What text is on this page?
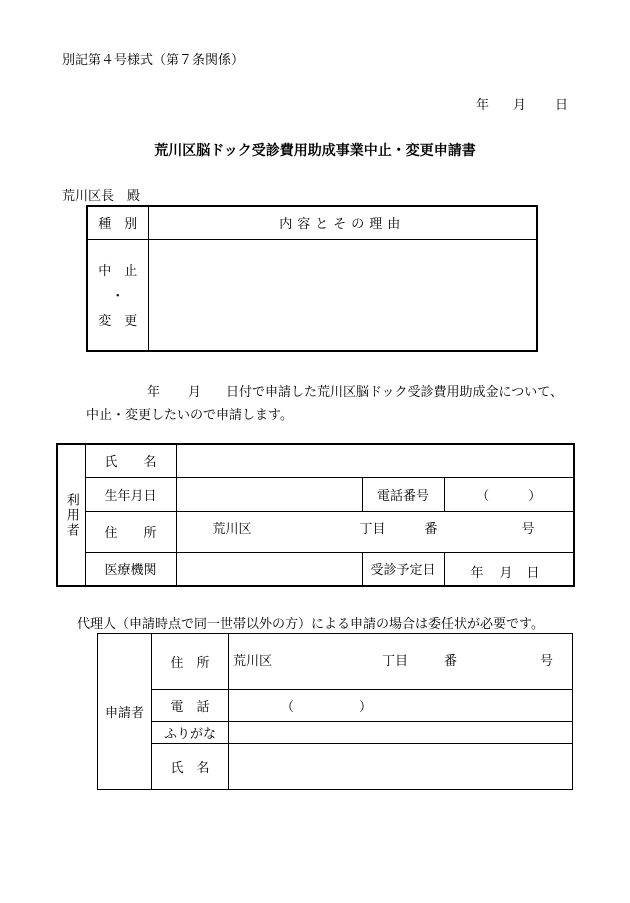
別記第４号様式（第７条関係）
年 月 日
荒川区脳ドック受診費用助成事業中止・変更申請書
荒川区長　殿
種　別	内容とその理由

中　止
・
変　更	

年 月 日付で申請した荒川区脳ドック受診費用助成金について、
中止・変更したいので申請します。
利用者	氏　　名			
	生年月日		電話番号	（　　　）
	住　　所	荒川区 丁目 番 号		

	医療機関		受診予定日	年 月 日
代理人（申請時点で同一世帯以外の方）による申請の場合は委任状が必要です。
申請者	住　所	荒川区 丁目 番 号

	電　話	（　　　　　）
	ふりがな	
	氏　名	
